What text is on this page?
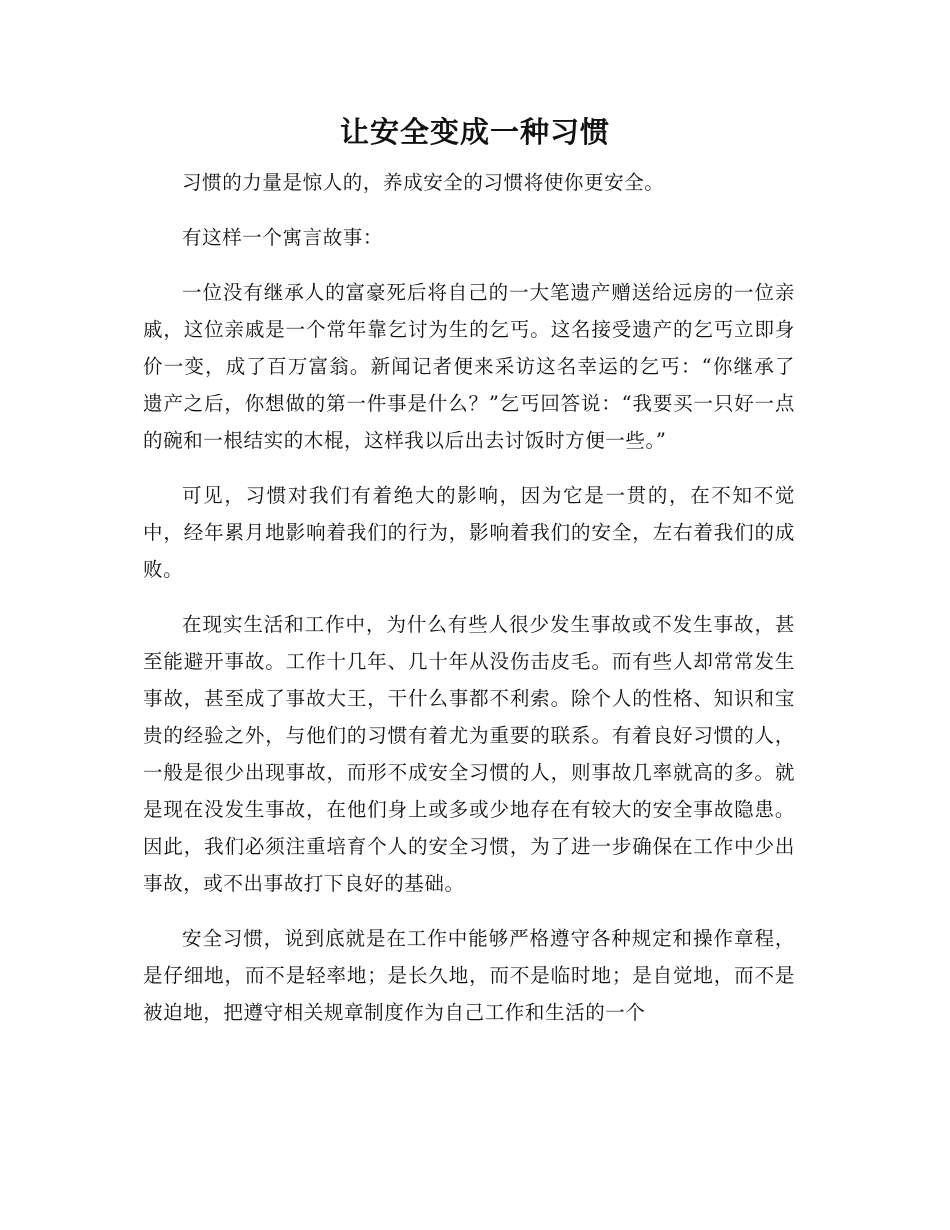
让安全变成一种习惯

习惯的力量是惊人的，养成安全的习惯将使你更安全。

有这样一个寓言故事：

一位没有继承人的富豪死后将自己的一大笔遗产赠送给远房的一位亲戚，这位亲戚是一个常年靠乞讨为生的乞丐。这名接受遗产的乞丐立即身价一变，成了百万富翁。新闻记者便来采访这名幸运的乞丐：“你继承了遗产之后，你想做的第一件事是什么？”乞丐回答说：“我要买一只好一点的碗和一根结实的木棍，这样我以后出去讨饭时方便一些。”

可见，习惯对我们有着绝大的影响，因为它是一贯的，在不知不觉中，经年累月地影响着我们的行为，影响着我们的安全，左右着我们的成败。

在现实生活和工作中，为什么有些人很少发生事故或不发生事故，甚至能避开事故。工作十几年、几十年从没伤击皮毛。而有些人却常常发生事故，甚至成了事故大王，干什么事都不利索。除个人的性格、知识和宝贵的经验之外，与他们的习惯有着尤为重要的联系。有着良好习惯的人，一般是很少出现事故，而形不成安全习惯的人，则事故几率就高的多。就是现在没发生事故，在他们身上或多或少地存在有较大的安全事故隐患。因此，我们必须注重培育个人的安全习惯，为了进一步确保在工作中少出事故，或不出事故打下良好的基础。

安全习惯，说到底就是在工作中能够严格遵守各种规定和操作章程，是仔细地，而不是轻率地；是长久地，而不是临时地；是自觉地，而不是被迫地，把遵守相关规章制度作为自己工作和生活的一个
